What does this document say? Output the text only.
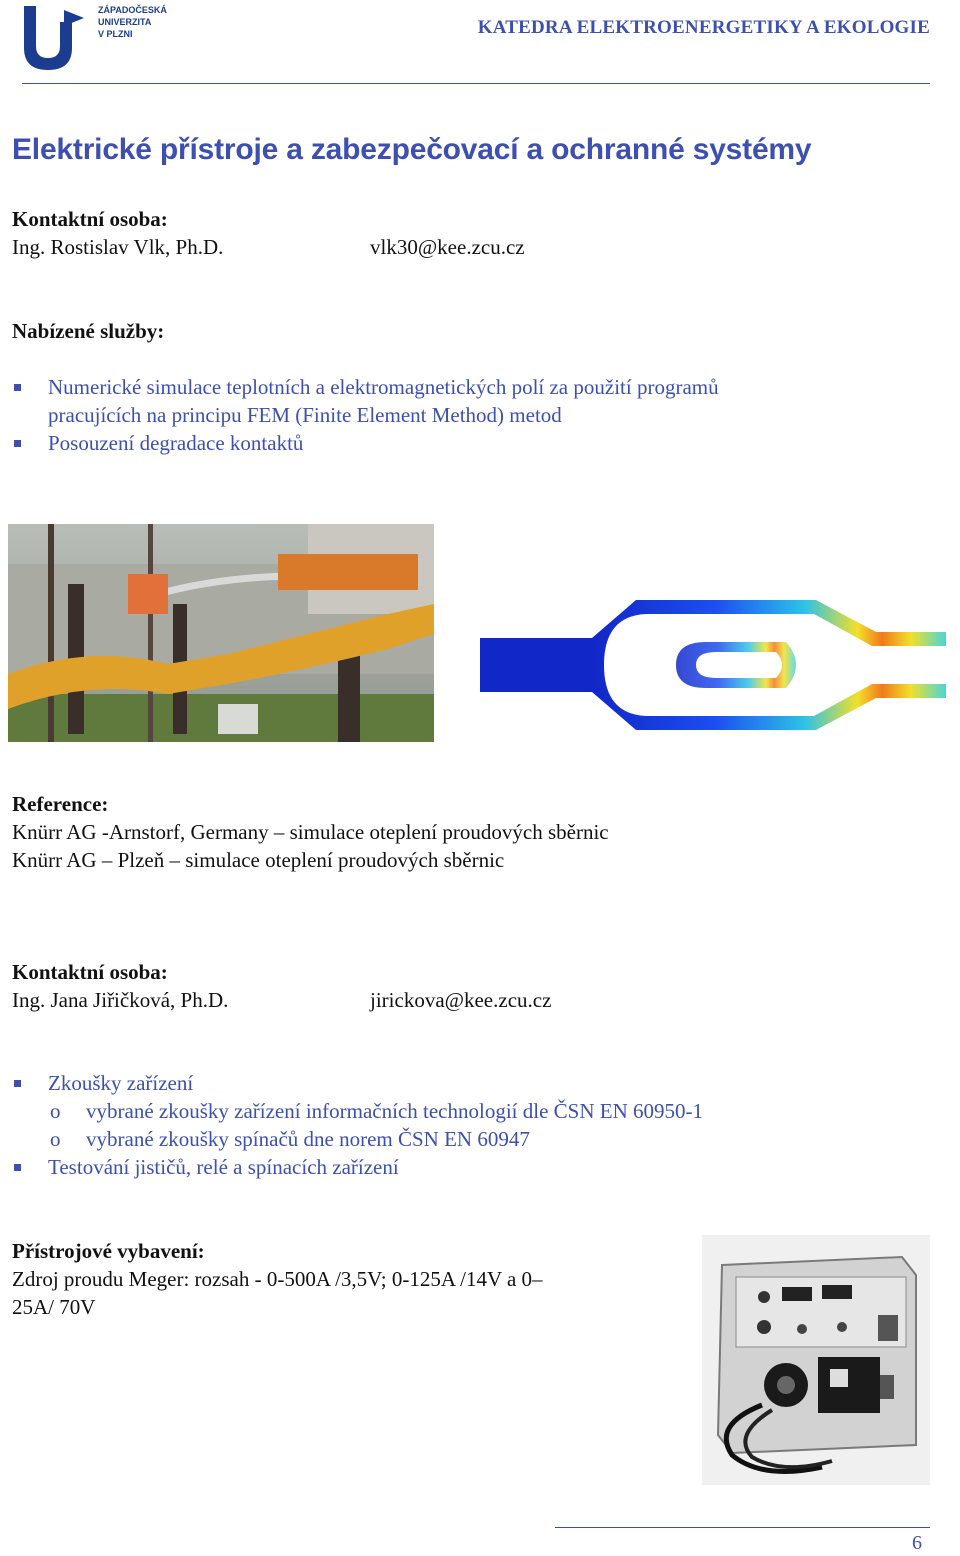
ZÁPADOČESKÁ
UNIVERZITA
V PLZNI	KATEDRA ELEKTROENERGETIKY A EKOLOGIE
Elektrické přístroje a zabezpečovací a ochranné systémy
Kontaktní osoba:
Ing. Rostislav Vlk, Ph.D.	vlk30@kee.zcu.cz
Nabízené služby:
Numerické simulace teplotních a elektromagnetických polí za použití programů
pracujících na principu FEM (Finite Element Method) metod
Posouzení degradace kontaktů
Reference:
Knürr AG -Arnstorf, Germany – simulace oteplení proudových sběrnic
Knürr AG – Plzeň – simulace oteplení proudových sběrnic
Kontaktní osoba:
Ing. Jana Jiřičková, Ph.D.	jirickova@kee.zcu.cz
Zkoušky zařízení
o vybrané zkoušky zařízení informačních technologií dle ČSN EN 60950-1
o vybrané zkoušky spínačů dne norem ČSN EN 60947
Testování jističů, relé a spínacích zařízení
Přístrojové vybavení:
Zdroj proudu Meger: rozsah - 0-500A /3,5V; 0-125A /14V a 0–
25A/ 70V
6
